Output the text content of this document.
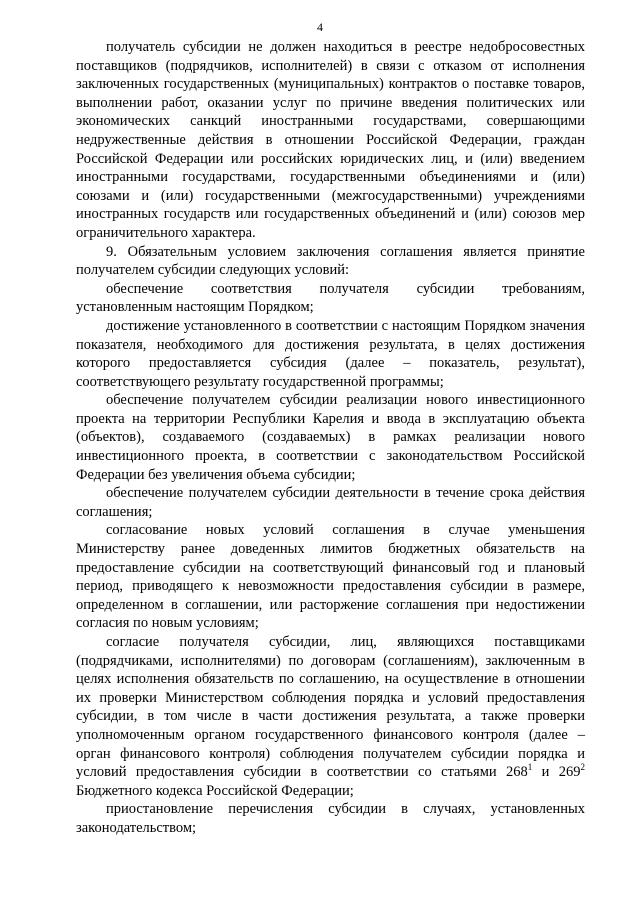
4

получатель субсидии не должен находиться в реестре недобросовестных поставщиков (подрядчиков, исполнителей) в связи с отказом от исполнения заключенных государственных (муниципальных) контрактов о поставке товаров, выполнении работ, оказании услуг по причине введения политических или экономических санкций иностранными государствами, совершающими недружественные действия в отношении Российской Федерации, граждан Российской Федерации или российских юридических лиц, и (или) введением иностранными государствами, государственными объединениями и (или) союзами и (или) государственными (межгосударственными) учреждениями иностранных государств или государственных объединений и (или) союзов мер ограничительного характера.

9. Обязательным условием заключения соглашения является принятие получателем субсидии следующих условий:

обеспечение соответствия получателя субсидии требованиям, установленным настоящим Порядком;

достижение установленного в соответствии с настоящим Порядком значения показателя, необходимого для достижения результата, в целях достижения которого предоставляется субсидия (далее – показатель, результат), соответствующего результату государственной программы;

обеспечение получателем субсидии реализации нового инвестиционного проекта на территории Республики Карелия и ввода в эксплуатацию объекта (объектов), создаваемого (создаваемых) в рамках реализации нового инвестиционного проекта, в соответствии с законодательством Российской Федерации без увеличения объема субсидии;

обеспечение получателем субсидии деятельности в течение срока действия соглашения;

согласование новых условий соглашения в случае уменьшения Министерству ранее доведенных лимитов бюджетных обязательств на предоставление субсидии на соответствующий финансовый год и плановый период, приводящего к невозможности предоставления субсидии в размере, определенном в соглашении, или расторжение соглашения при недостижении согласия по новым условиям;

согласие получателя субсидии, лиц, являющихся поставщиками (подрядчиками, исполнителями) по договорам (соглашениям), заключенным в целях исполнения обязательств по соглашению, на осуществление в отношении их проверки Министерством соблюдения порядка и условий предоставления субсидии, в том числе в части достижения результата, а также проверки уполномоченным органом государственного финансового контроля (далее – орган финансового контроля) соблюдения получателем субсидии порядка и условий предоставления субсидии в соответствии со статьями $268^1$ и $269^2$ Бюджетного кодекса Российской Федерации;

приостановление перечисления субсидии в случаях, установленных законодательством;
